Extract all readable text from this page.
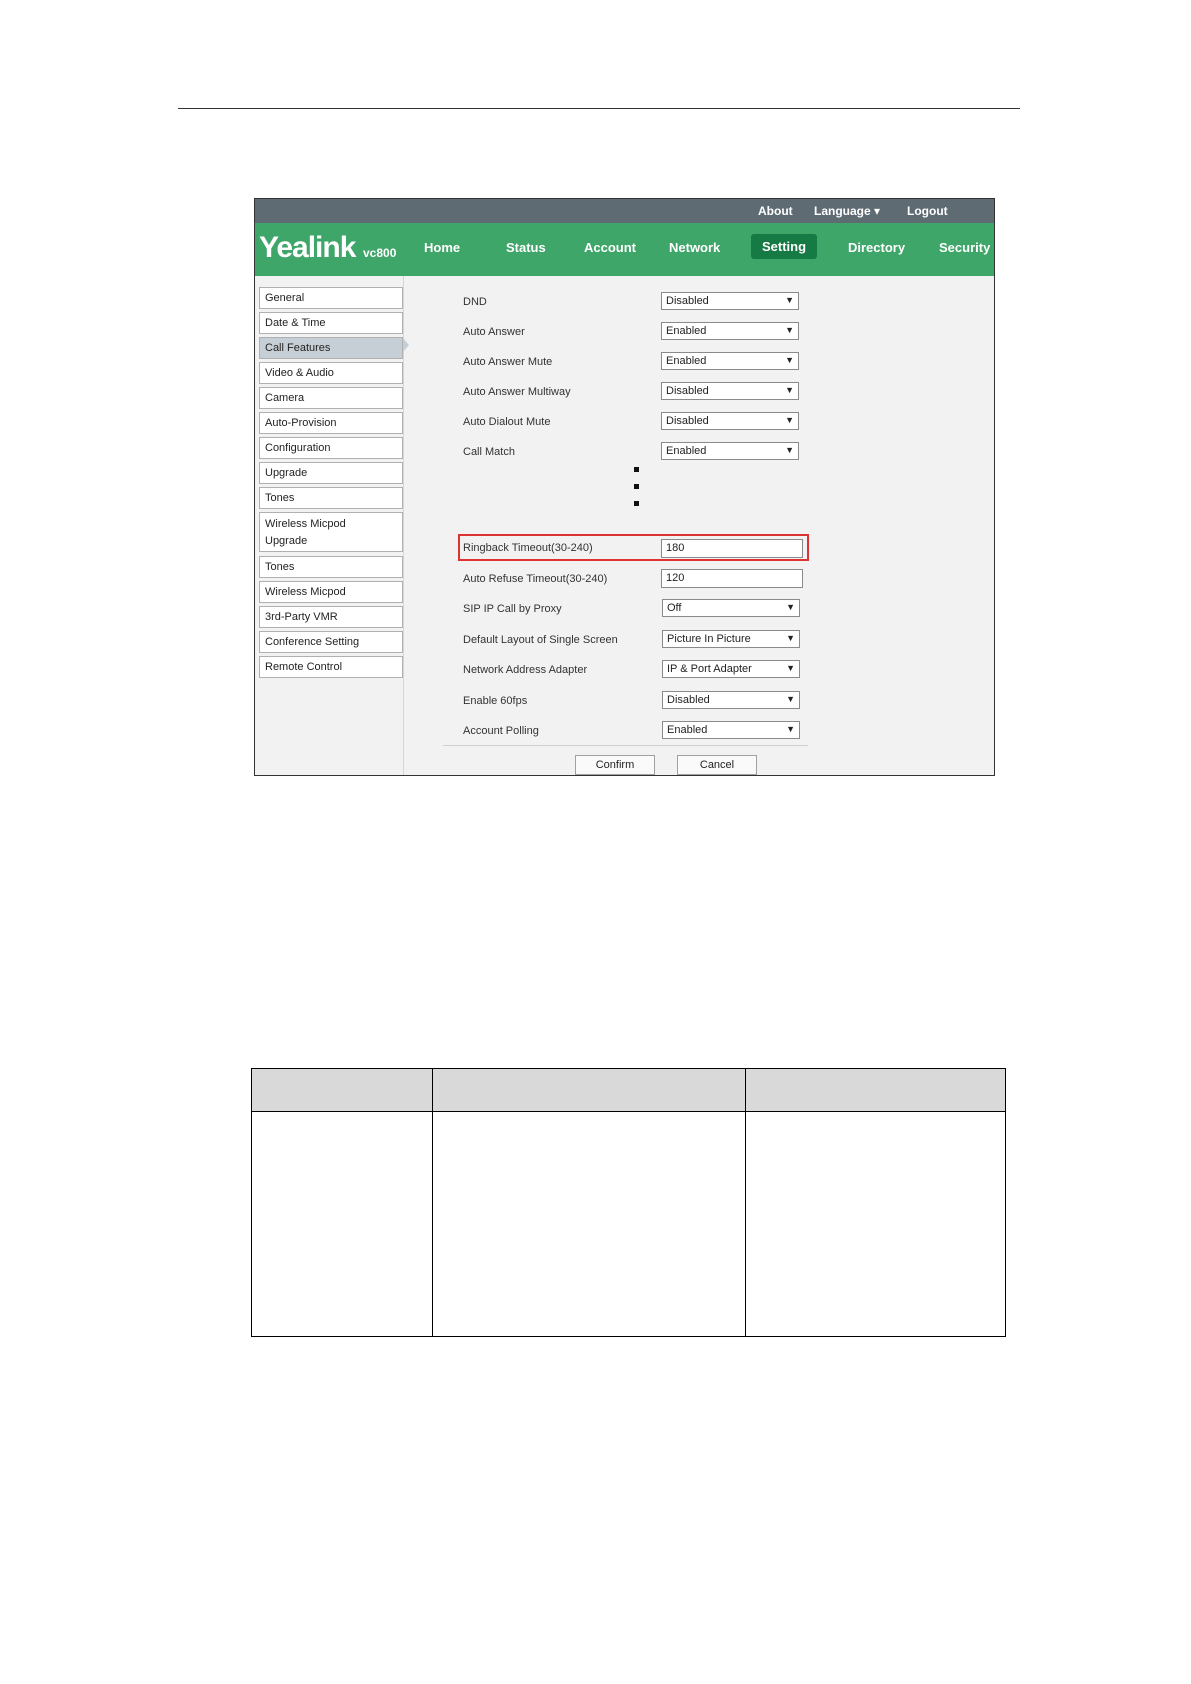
About Language ▾ Logout
Yealink vc800 Home	Status	Account	Network	Setting	Directory	Security
General
Date & Time
Call Features
Video & Audio
Camera
Auto-Provision
Configuration
Upgrade
Tones
Wireless Micpod
Upgrade
Tones
Wireless Micpod
3rd-Party VMR
Conference Setting
Remote Control
DND	Disabled	▼
Auto Answer	Enabled	▼
Auto Answer Mute	Enabled	▼
Auto Answer Multiway	Disabled	▼
Auto Dialout Mute	Disabled	▼
Call Match	Enabled	▼
Ringback Timeout(30-240)	180
Auto Refuse Timeout(30-240)	120
SIP IP Call by Proxy	Off	▼
Default Layout of Single Screen	Picture In Picture	▼
Network Address Adapter	IP & Port Adapter	▼
Enable 60fps	Disabled	▼
Account Polling	Enabled	▼
Confirm	Cancel
